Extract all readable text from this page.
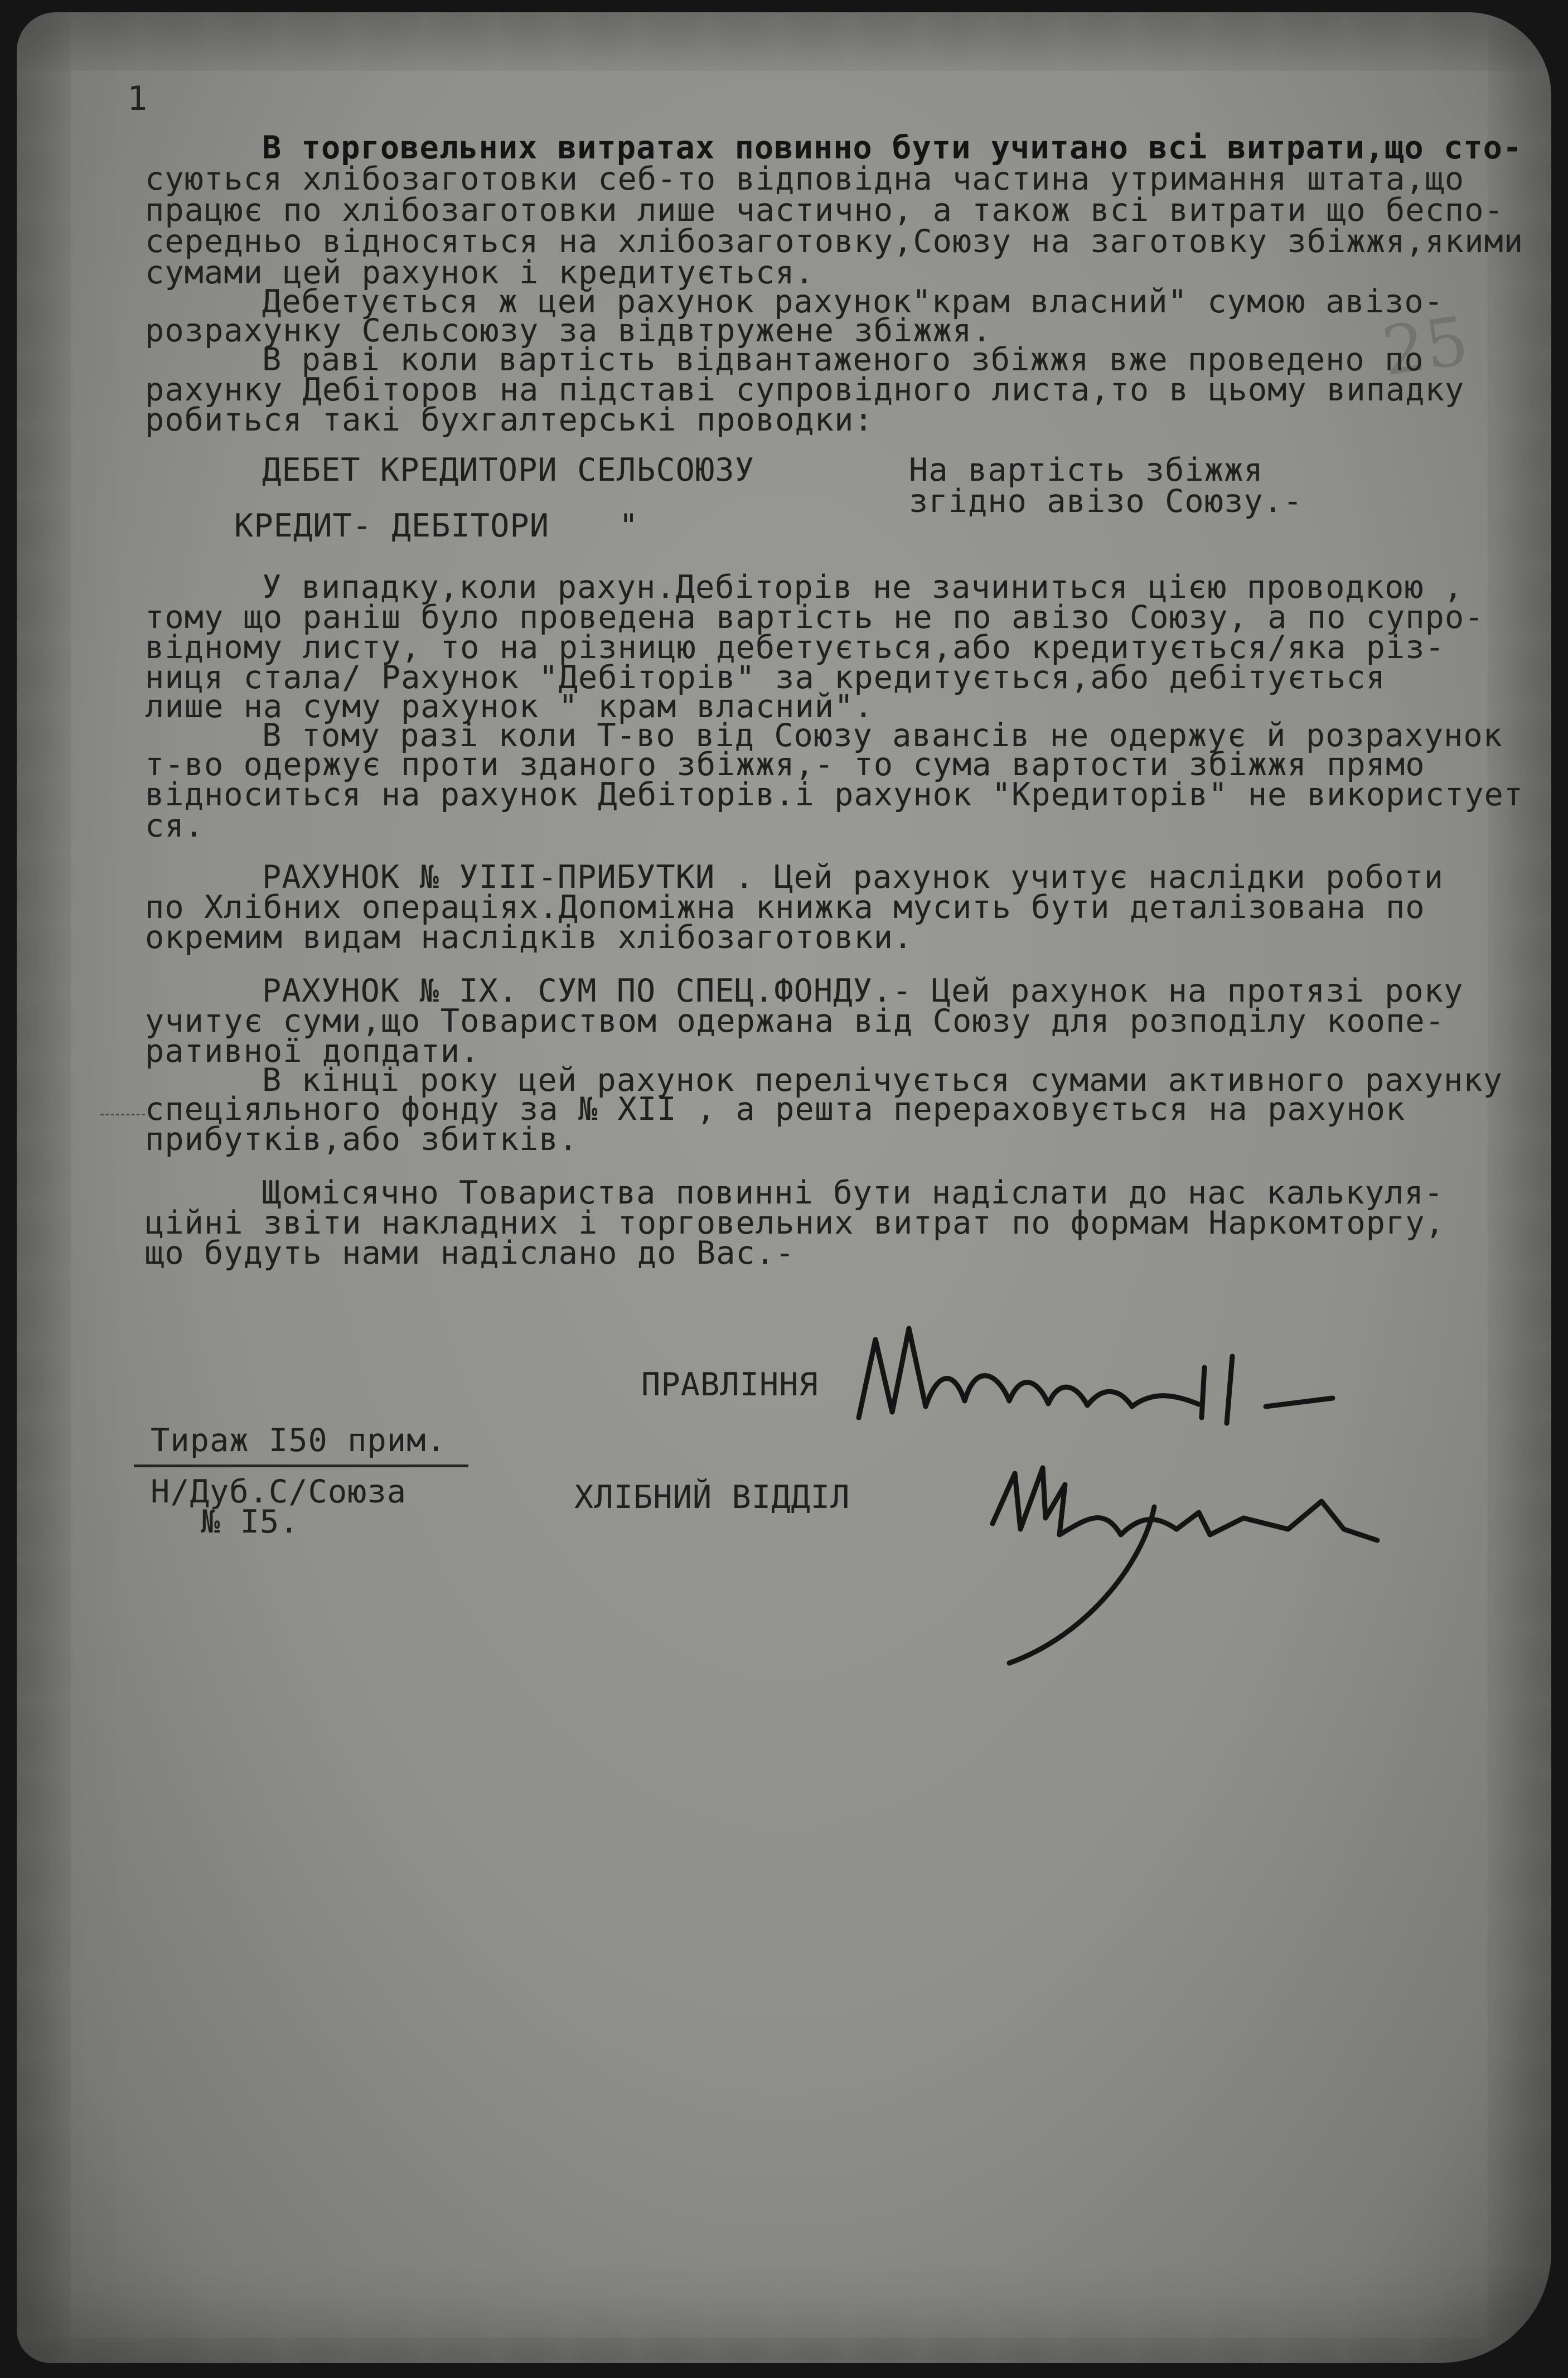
1
25
В торговельних витратах повинно бути учитано всі витрати,що сто-
суються хлібозаготовки себ-то відповідна частина утримання штата,що
працює по хлібозаготовки лише частично, а також всі витрати що беспо-
середньо відносяться на хлібозаготовку,Союзу на заготовку збіжжя,якими
сумами цей рахунок і кредитується.
Дебетується ж цей рахунок рахунок"крам власний" сумою авізо-
розрахунку Сельсоюзу за відвтружене збіжжя.
В раві коли вартість відвантаженого збіжжя вже проведено по
рахунку Дебіторов на підставі супровідного листа,то в цьому випадку
робиться такі бухгалтерські проводки:
ДЕБЕТ КРЕДИТОРИ СЕЛЬСОЮЗУ	На вартість збіжжя
згідно авізо Союзу.-
КРЕДИТ- ДЕБІТОРИ "
У випадку,коли рахун.Дебіторів не зачиниться цією проводкою ,
тому що раніш було проведена вартість не по авізо Союзу, а по супро-
відному листу, то на різницю дебетується,або кредитується/яка різ-
ниця стала/ Рахунок "Дебіторів" за кредитується,або дебітується
лише на суму рахунок " крам власний".
В тому разі коли Т-во від Союзу авансів не одержує й розрахунок
т-во одержує проти зданого збіжжя,- то сума вартости збіжжя прямо
відноситься на рахунок Дебіторів.і рахунок "Кредиторів" не використует
ся.
РАХУНОК № УІІІ-ПРИБУТКИ . Цей рахунок учитує наслідки роботи
по Хлібних операціях.Допоміжна книжка мусить бути деталізована по
окремим видам наслідків хлібозаготовки.
РАХУНОК № ІХ. СУМ ПО СПЕЦ.ФОНДУ.- Цей рахунок на протязі року
учитує суми,що Товариством одержана від Союзу для розподілу коопе-
ративної допдати.
В кінці року цей рахунок перелічується сумами активного рахунку
спеціяльного фонду за № ХІІ , а решта перераховується на рахунок
прибутків,або збитків.
Щомісячно Товариства повинні бути надіслати до нас калькуля-
ційні звіти накладних і торговельних витрат по формам Наркомторгу,
що будуть нами надіслано до Вас.-
ПРАВЛІННЯ
ХЛІБНИЙ ВІДДІЛ
Тираж І50 прим.
Н/Дуб.С/Союза
№ І5.
